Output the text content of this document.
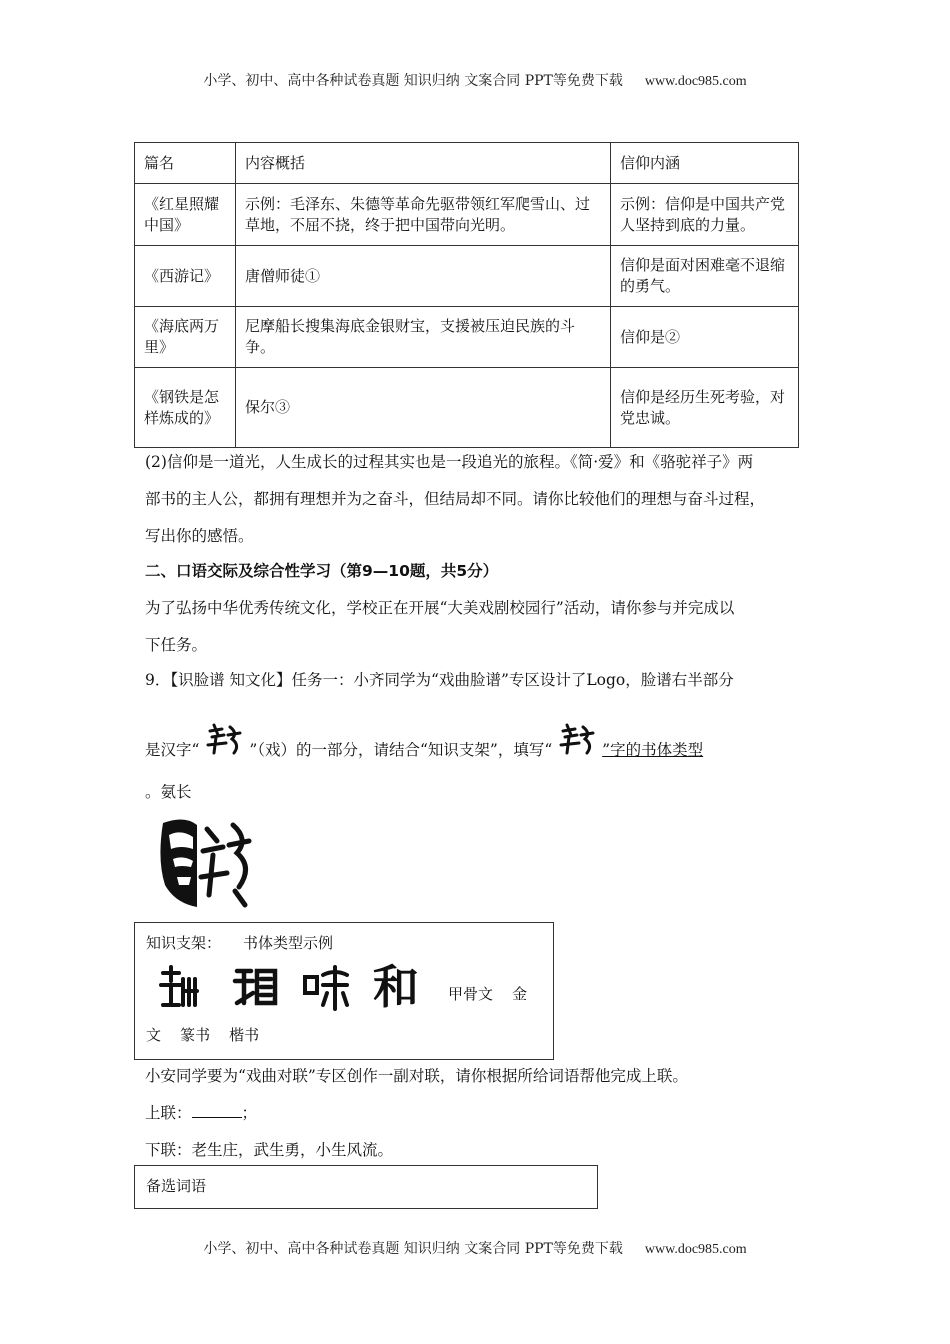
小学、初中、高中各种试卷真题 知识归纳 文案合同 PPT等免费下载 www.doc985.com
篇名	内容概括	信仰内涵
《红星照耀中国》	示例：毛泽东、朱德等革命先驱带领红军爬雪山、过草地，不屈不挠，终于把中国带向光明。	示例：信仰是中国共产党人坚持到底的力量。
《西游记》	唐僧师徒①	信仰是面对困难毫不退缩的勇气。
《海底两万里》	尼摩船长搜集海底金银财宝，支援被压迫民族的斗争。	信仰是②
《钢铁是怎样炼成的》	保尔③	信仰是经历生死考验，对党忠诚。
(2)信仰是一道光，人生成长的过程其实也是一段追光的旅程。《简·爱》和《骆驼祥子》两
部书的主人公，都拥有理想并为之奋斗，但结局却不同。请你比较他们的理想与奋斗过程，
写出你的感悟。
二、口语交际及综合性学习（第9—10题，共5分）
为了弘扬中华优秀传统文化，学校正在开展“大美戏剧校园行”活动，请你参与并完成以
下任务。
9．【识脸谱 知文化】任务一：小齐同学为“戏曲脸谱”专区设计了Logo，脸谱右半部分
是汉字“	”（戏）的一部分，请结合“知识支架”，填写“	”字的书体类型
。氨长
知识支架： 书体类型示例
和 甲骨文    金
文    篆书    楷书
小安同学要为“戏曲对联”专区创作一副对联，请你根据所给词语帮他完成上联。
上联：	；
下联：老生庄，武生勇，小生风流。
备选词语
小学、初中、高中各种试卷真题 知识归纳 文案合同 PPT等免费下载 www.doc985.com
